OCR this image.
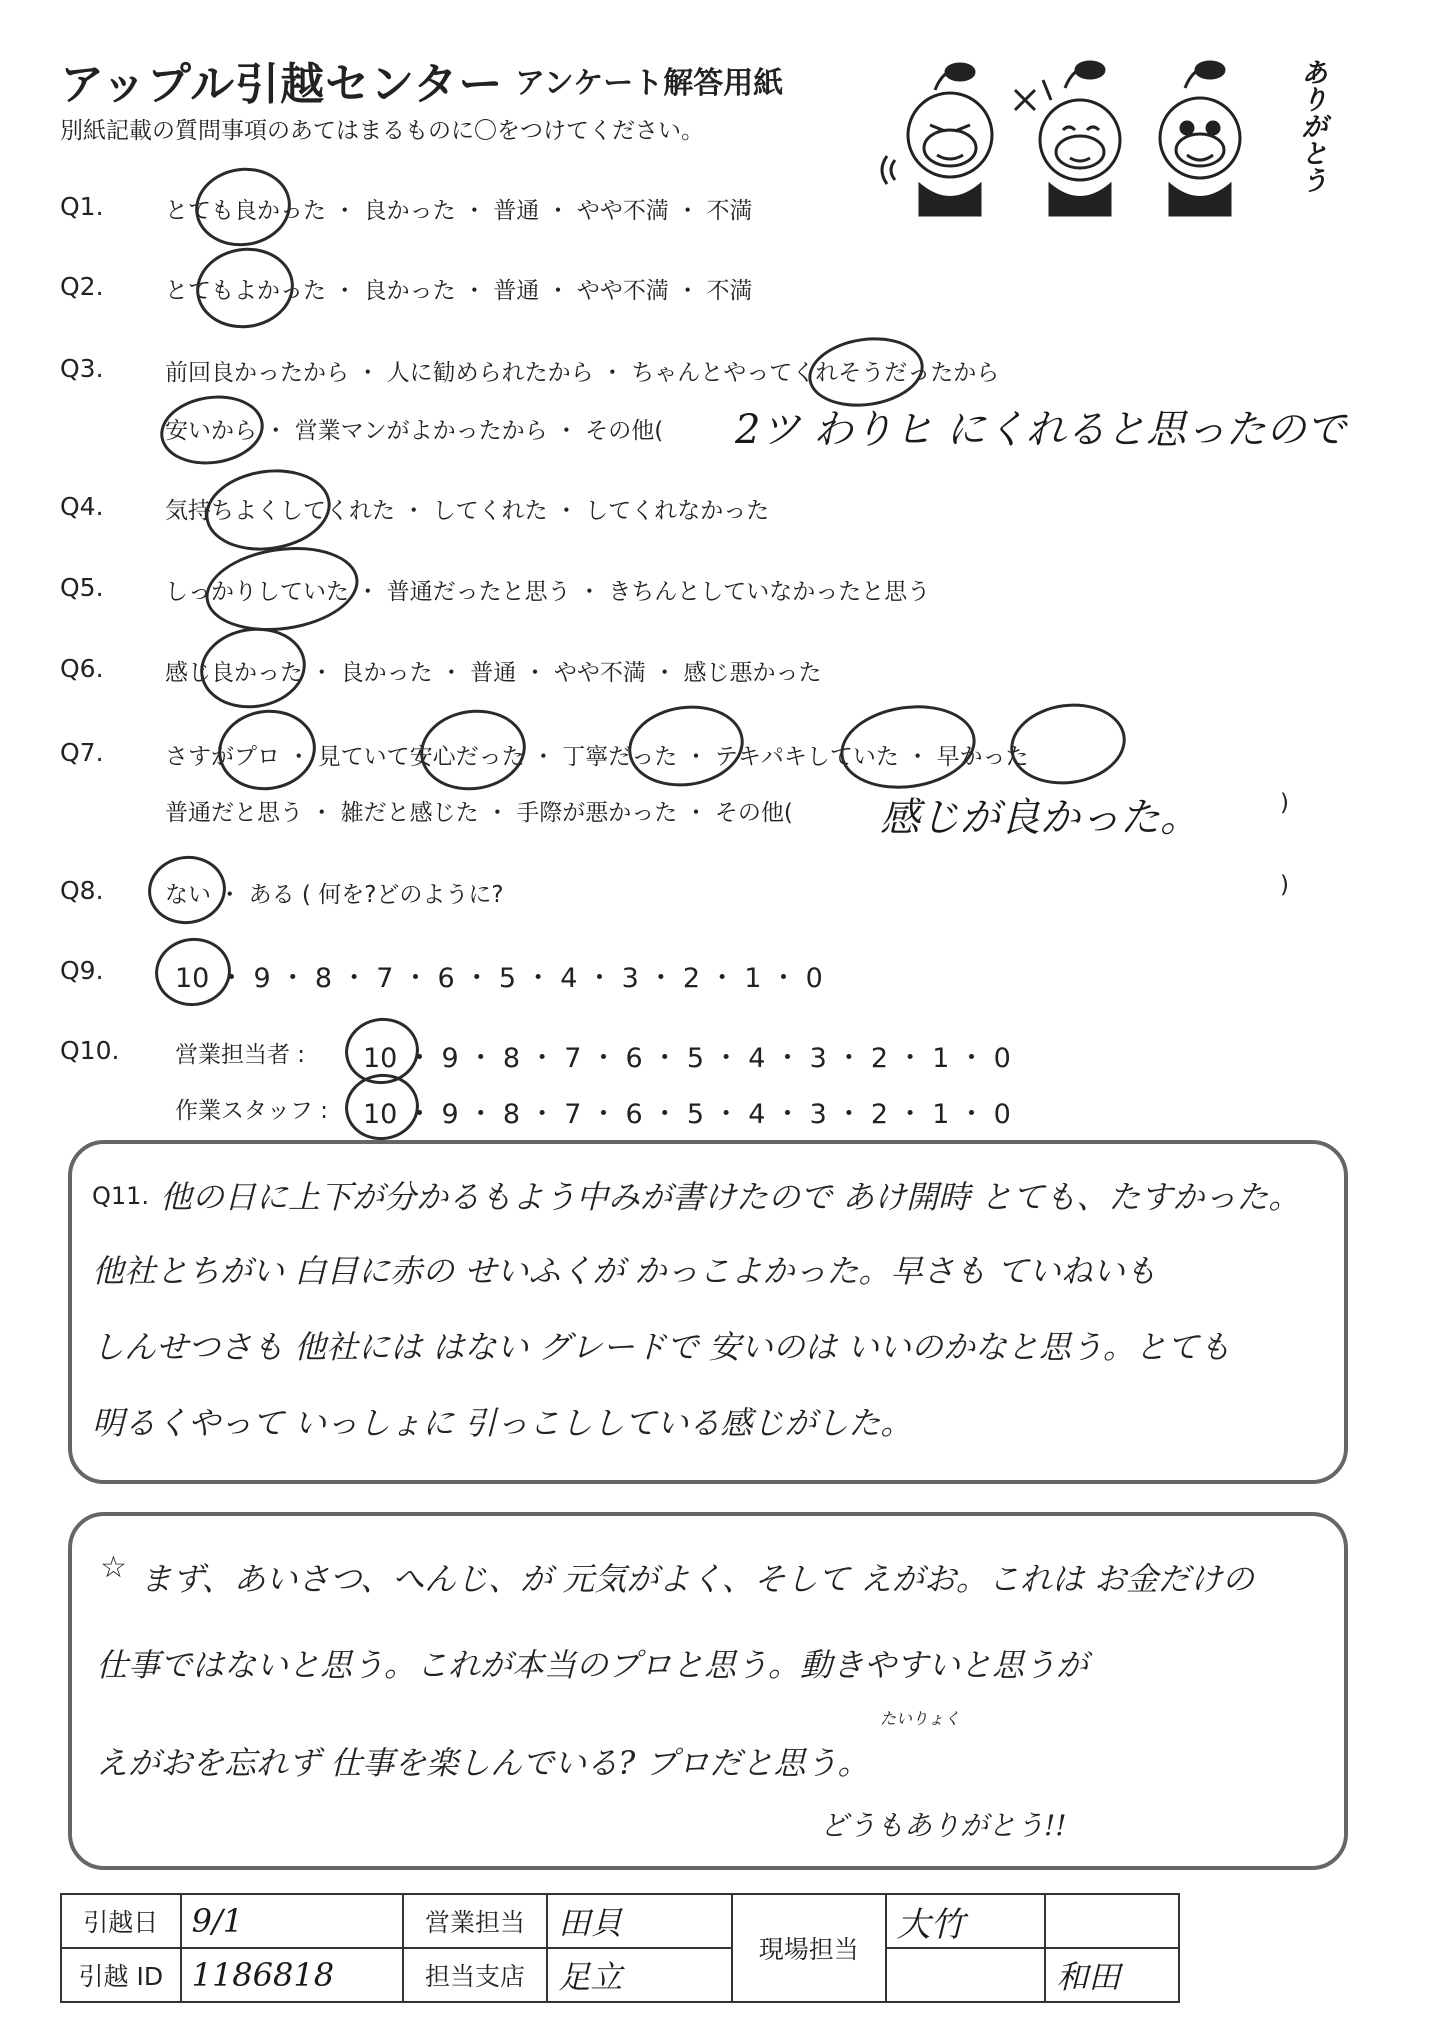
アップル引越センター アンケート解答用紙
別紙記載の質問事項のあてはまるものに〇をつけてください。	ありがとう
Q1.	とても良かった ・ 良かった ・ 普通 ・ やや不満 ・ 不満
Q2.	とてもよかった ・ 良かった ・ 普通 ・ やや不満 ・ 不満
Q3.	前回良かったから ・ 人に勧められたから ・ ちゃんとやってくれそうだったから
安いから ・ 営業マンがよかったから ・ その他( 2ツ わりヒ にくれると思ったので
Q4.	気持ちよくしてくれた ・ してくれた ・ してくれなかった
Q5.	しっかりしていた ・ 普通だったと思う ・ きちんとしていなかったと思う
Q6.	感じ良かった ・ 良かった ・ 普通 ・ やや不満 ・ 感じ悪かった
Q7.	さすがプロ ・ 見ていて安心だった ・ 丁寧だった ・ テキパキしていた ・ 早かった
普通だと思う ・ 雑だと感じた ・ 手際が悪かった ・ その他( 感じが良かった。	)
Q8.	ない ・ ある ( 何を?どのように?	)
Q9.	10 ・ 9 ・ 8 ・ 7 ・ 6 ・ 5 ・ 4 ・ 3 ・ 2 ・ 1 ・ 0
Q10. 営業担当者 : 10 ・ 9 ・ 8 ・ 7 ・ 6 ・ 5 ・ 4 ・ 3 ・ 2 ・ 1 ・ 0
作業スタッフ : 10 ・ 9 ・ 8 ・ 7 ・ 6 ・ 5 ・ 4 ・ 3 ・ 2 ・ 1 ・ 0
Q11. 他の日に上下が分かるもよう中みが書けたので あけ開時 とても、たすかった。
他社とちがい 白目に赤の せいふくが かっこよかった。早さも ていねいも
しんせつさも 他社には はない グレードで 安いのは いいのかなと思う。とても
明るくやって いっしょに 引っこししている感じがした。
☆ まず、あいさつ、へんじ、が 元気がよく、そして えがお。これは お金だけの
仕事ではないと思う。これが本当のプロと思う。動きやすいと思うが
たいりょく
えがおを忘れず 仕事を楽しんでいる? プロだと思う。
どうもありがとう!!
引越日	9/1	営業担当	田貝	現場担当	大竹	
引越 ID	1186818	担当支店	足立			和田
